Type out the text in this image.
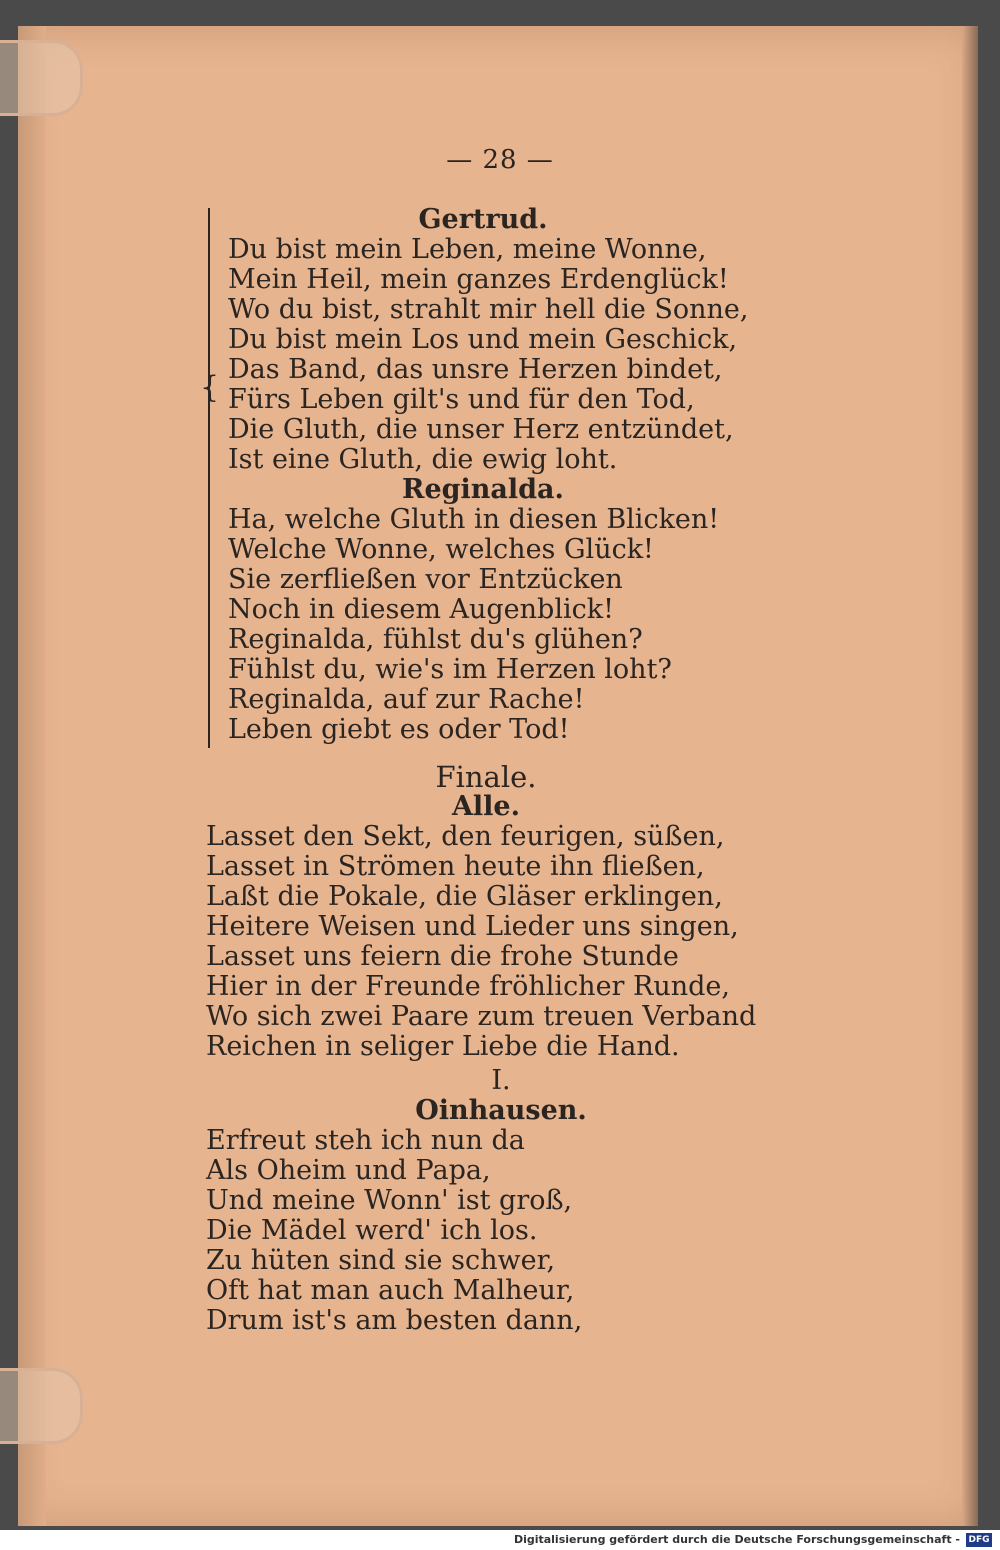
— 28 —
{
Gertrud.
Du bist mein Leben, meine Wonne,
Mein Heil, mein ganzes Erdenglück!
Wo du bist, strahlt mir hell die Sonne,
Du bist mein Los und mein Geschick,
Das Band, das unsre Herzen bindet,
Fürs Leben gilt's und für den Tod,
Die Gluth, die unser Herz entzündet,
Ist eine Gluth, die ewig loht.
Reginalda.
Ha, welche Gluth in diesen Blicken!
Welche Wonne, welches Glück!
Sie zerfließen vor Entzücken
Noch in diesem Augenblick!
Reginalda, fühlst du's glühen?
Fühlst du, wie's im Herzen loht?
Reginalda, auf zur Rache!
Leben giebt es oder Tod!
Finale.
Alle.
Lasset den Sekt, den feurigen, süßen,
Lasset in Strömen heute ihn fließen,
Laßt die Pokale, die Gläser erklingen,
Heitere Weisen und Lieder uns singen,
Lasset uns feiern die frohe Stunde
Hier in der Freunde fröhlicher Runde,
Wo sich zwei Paare zum treuen Verband
Reichen in seliger Liebe die Hand.
I.
Oinhausen.
Erfreut steh ich nun da
Als Oheim und Papa,
Und meine Wonn' ist groß,
Die Mädel werd' ich los.
Zu hüten sind sie schwer,
Oft hat man auch Malheur,
Drum ist's am besten dann,
Digitalisierung gefördert durch die Deutsche Forschungsgemeinschaft - DFG
